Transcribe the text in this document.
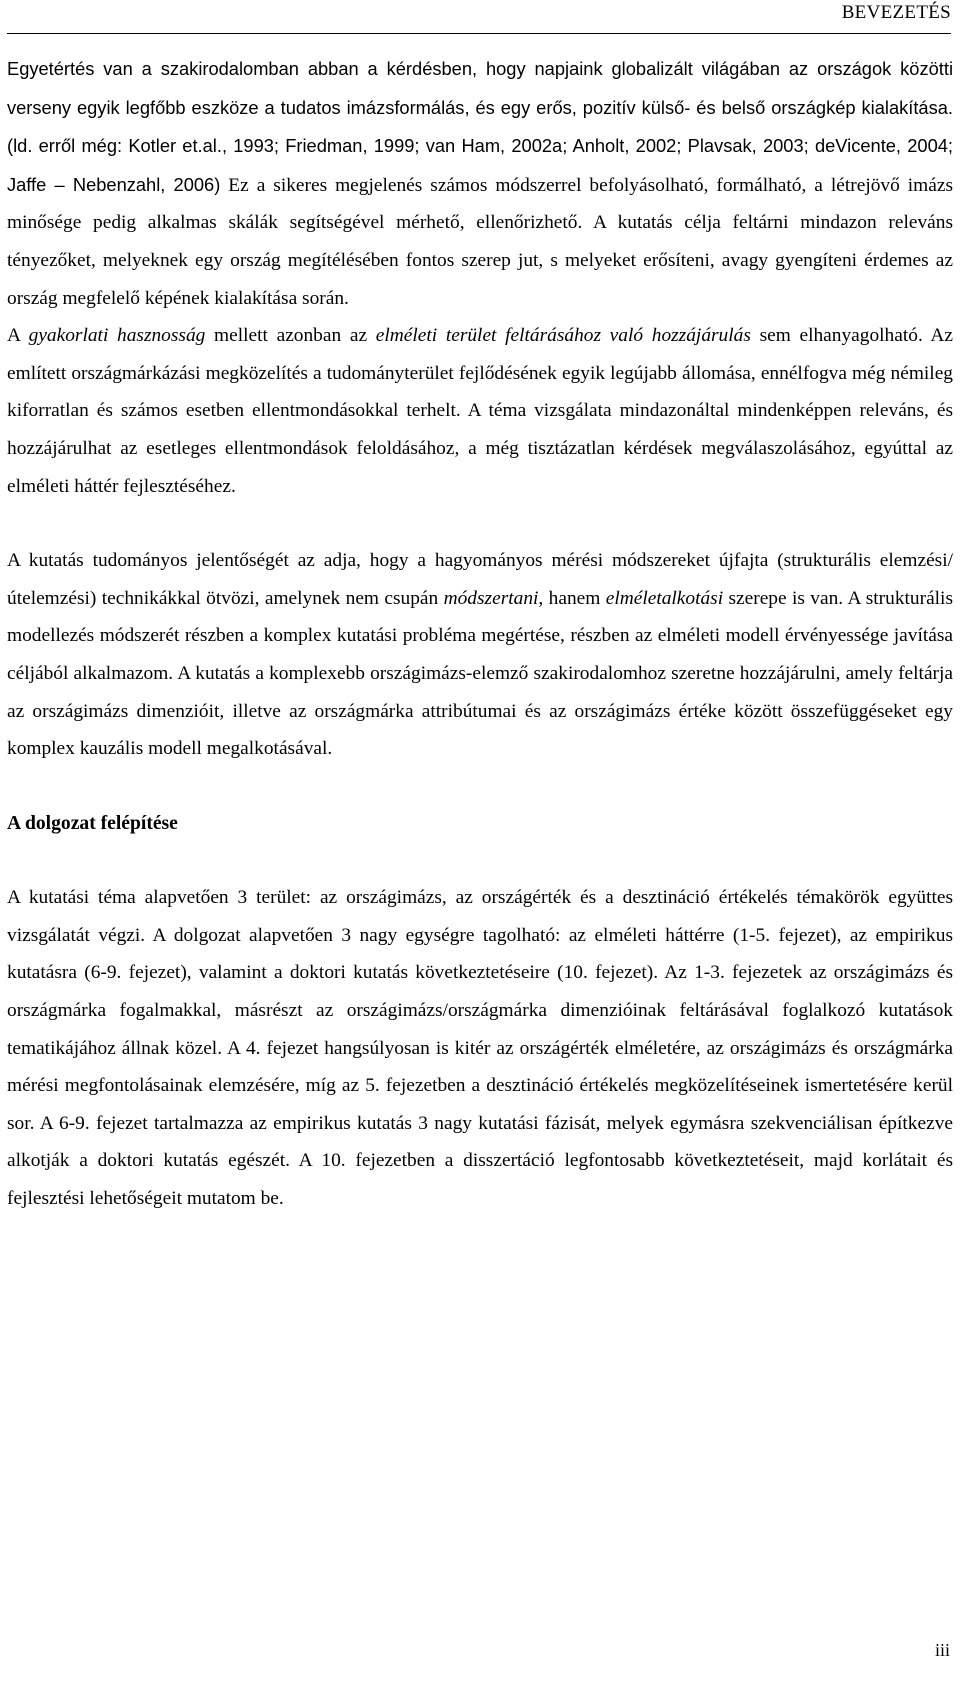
BEVEZETÉS

Egyetértés van a szakirodalomban abban a kérdésben, hogy napjaink globalizált világában az országok közötti verseny egyik legfőbb eszköze a tudatos imázsformálás, és egy erős, pozitív külső- és belső országkép kialakítása. (ld. erről még: Kotler et.al., 1993; Friedman, 1999; van Ham, 2002a; Anholt, 2002; Plavsak, 2003; deVicente, 2004; Jaffe – Nebenzahl, 2006) Ez a sikeres megjelenés számos módszerrel befolyásolható, formálható, a létrejövő imázs minősége pedig alkalmas skálák segítségével mérhető, ellenőrizhető. A kutatás célja feltárni mindazon releváns tényezőket, melyeknek egy ország megítélésében fontos szerep jut, s melyeket erősíteni, avagy gyengíteni érdemes az ország megfelelő képének kialakítása során.

A gyakorlati hasznosság mellett azonban az elméleti terület feltárásához való hozzájárulás sem elhanyagolható. Az említett országmárkázási megközelítés a tudományterület fejlődésének egyik legújabb állomása, ennélfogva még némileg kiforratlan és számos esetben ellentmondásokkal terhelt. A téma vizsgálata mindazonáltal mindenképpen releváns, és hozzájárulhat az esetleges ellentmondások feloldásához, a még tisztázatlan kérdések megválaszolásához, egyúttal az elméleti háttér fejlesztéséhez.

A kutatás tudományos jelentőségét az adja, hogy a hagyományos mérési módszereket újfajta (strukturális elemzési/útelemzési) technikákkal ötvözi, amelynek nem csupán módszertani, hanem elméletalkotási szerepe is van. A strukturális modellezés módszerét részben a komplex kutatási probléma megértése, részben az elméleti modell érvényessége javítása céljából alkalmazom. A kutatás a komplexebb országimázs-elemző szakirodalomhoz szeretne hozzájárulni, amely feltárja az országimázs dimenzióit, illetve az országmárka attribútumai és az országimázs értéke között összefüggéseket egy komplex kauzális modell megalkotásával.

A dolgozat felépítése

A kutatási téma alapvetően 3 terület: az országimázs, az országérték és a desztináció értékelés témakörök együttes vizsgálatát végzi. A dolgozat alapvetően 3 nagy egységre tagolható: az elméleti háttérre (1-5. fejezet), az empirikus kutatásra (6-9. fejezet), valamint a doktori kutatás következtetéseire (10. fejezet). Az 1-3. fejezetek az országimázs és országmárka fogalmakkal, másrészt az országimázs/országmárka dimenzióinak feltárásával foglalkozó kutatások tematikájához állnak közel. A 4. fejezet hangsúlyosan is kitér az országérték elméletére, az országimázs és országmárka mérési megfontolásainak elemzésére, míg az 5. fejezetben a desztináció értékelés megközelítéseinek ismertetésére kerül sor. A 6-9. fejezet tartalmazza az empirikus kutatás 3 nagy kutatási fázisát, melyek egymásra szekvenciálisan építkezve alkotják a doktori kutatás egészét. A 10. fejezetben a disszertáció legfontosabb következtetéseit, majd korlátait és fejlesztési lehetőségeit mutatom be.

iii
